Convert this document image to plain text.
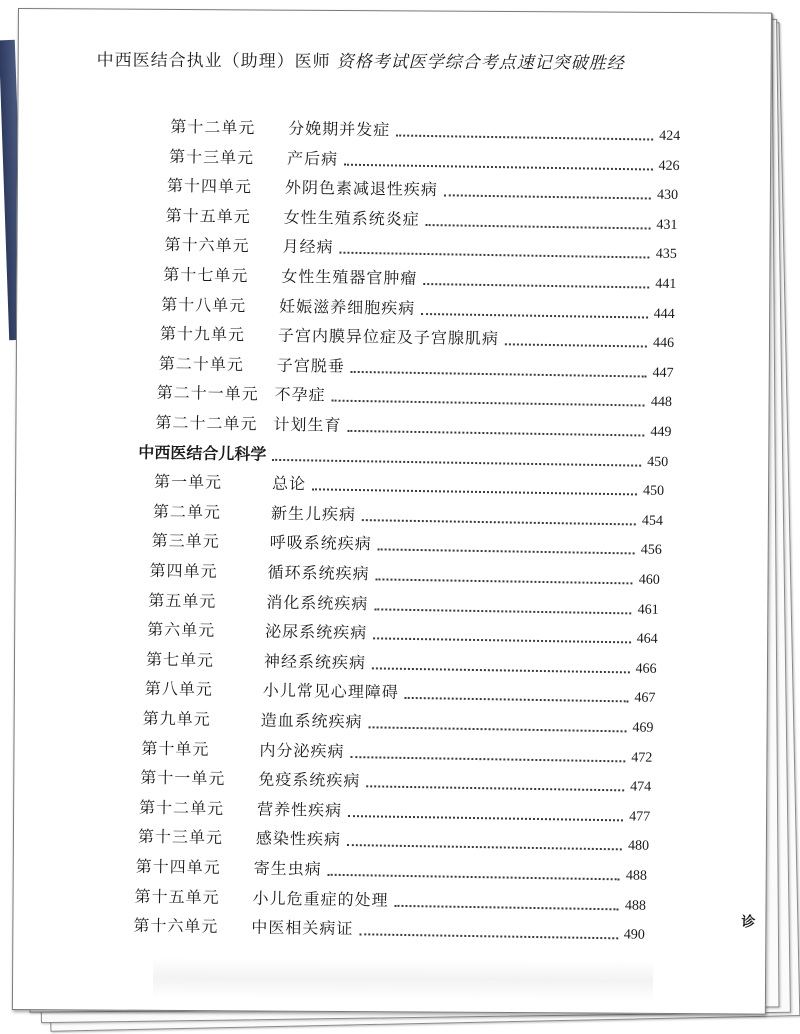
中西医结合执业（助理）医师 资格考试医学综合考点速记突破胜经
第十二单元	分娩期并发症	424
第十三单元	产后病	426
第十四单元	外阴色素减退性疾病	430
第十五单元	女性生殖系统炎症	431
第十六单元	月经病	435
第十七单元	女性生殖器官肿瘤	441
第十八单元	妊娠滋养细胞疾病	444
第十九单元	子宫内膜异位症及子宫腺肌病	446
第二十单元	子宫脱垂	447
第二十一单元 不孕症	448
第二十二单元 计划生育	449
中西医结合儿科学	450
第一单元	总论	450
第二单元	新生儿疾病	454
第三单元	呼吸系统疾病	456
第四单元	循环系统疾病	460
第五单元	消化系统疾病	461
第六单元	泌尿系统疾病	464
第七单元	神经系统疾病	466
第八单元	小儿常见心理障碍	467
第九单元	造血系统疾病	469
第十单元	内分泌疾病	472
第十一单元	免疫系统疾病	474
第十二单元	营养性疾病	477
第十三单元	感染性疾病	480
第十四单元	寄生虫病	488
第十五单元	小儿危重症的处理	488
第十六单元	中医相关病证	490
诊
